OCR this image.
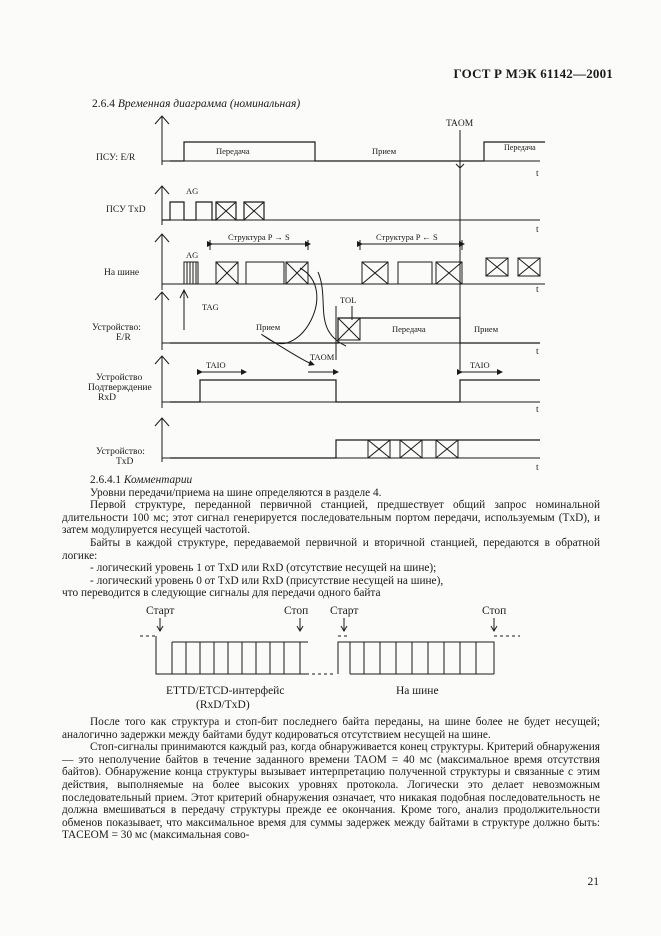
ГОСТ Р МЭК 61142—2001
2.6.4 Временная диаграмма (номинальная)
ПСУ: E/R
ПСУ TxD
На шине
Устройство:
E/R
Устройство
Подтверждение
RxD
Устройство:
TxD
TAOM
Передача	Прием	Передача
AG
AG
Структура P → S	Структура P ← S
TAG
TOL
Прием	Передача	Прием
TAIO
TAOM
TAIO
t
t
t
t
t
t

2.6.4.1 Комментарии

Уровни передачи/приема на шине определяются в разделе 4.

Первой структуре, переданной первичной станцией, предшествует общий запрос номинальной длительности 100 мс; этот сигнал генерируется последовательным портом передачи, используемым (TxD), и затем модулируется несущей частотой.

Байты в каждой структуре, передаваемой первичной и вторичной станцией, передаются в обратной логике:

- логический уровень 1 от TxD или RxD (отсутствие несущей на шине);

- логический уровень 0 от TxD или RxD (присутствие несущей на шине),

что переводится в следующие сигналы для передачи одного байта

Старт	Стоп Старт	Стоп
ETTD/ETCD-интерфейс
(RxD/TxD)
На шине

После того как структура и стоп-бит последнего байта переданы, на шине более не будет несущей; аналогично задержки между байтами будут кодироваться отсутствием несущей на шине.

Стоп-сигналы принимаются каждый раз, когда обнаруживается конец структуры. Критерий обнаружения — это неполучение байтов в течение заданного времени TAOM = 40 мс (максимальное время отсутствия байтов). Обнаружение конца структуры вызывает интерпретацию полученной структуры и связанные с этим действия, выполняемые на более высоких уровнях протокола. Логически это делает невозможным последовательный прием. Этот критерий обнаружения означает, что никакая подобная последовательность не должна вмешиваться в передачу структуры прежде ее окончания. Кроме того, анализ продолжительности обменов показывает, что максимальное время для суммы задержек между байтами в структуре должно быть: TACEOM = 30 мс (максимальная сово-

21
